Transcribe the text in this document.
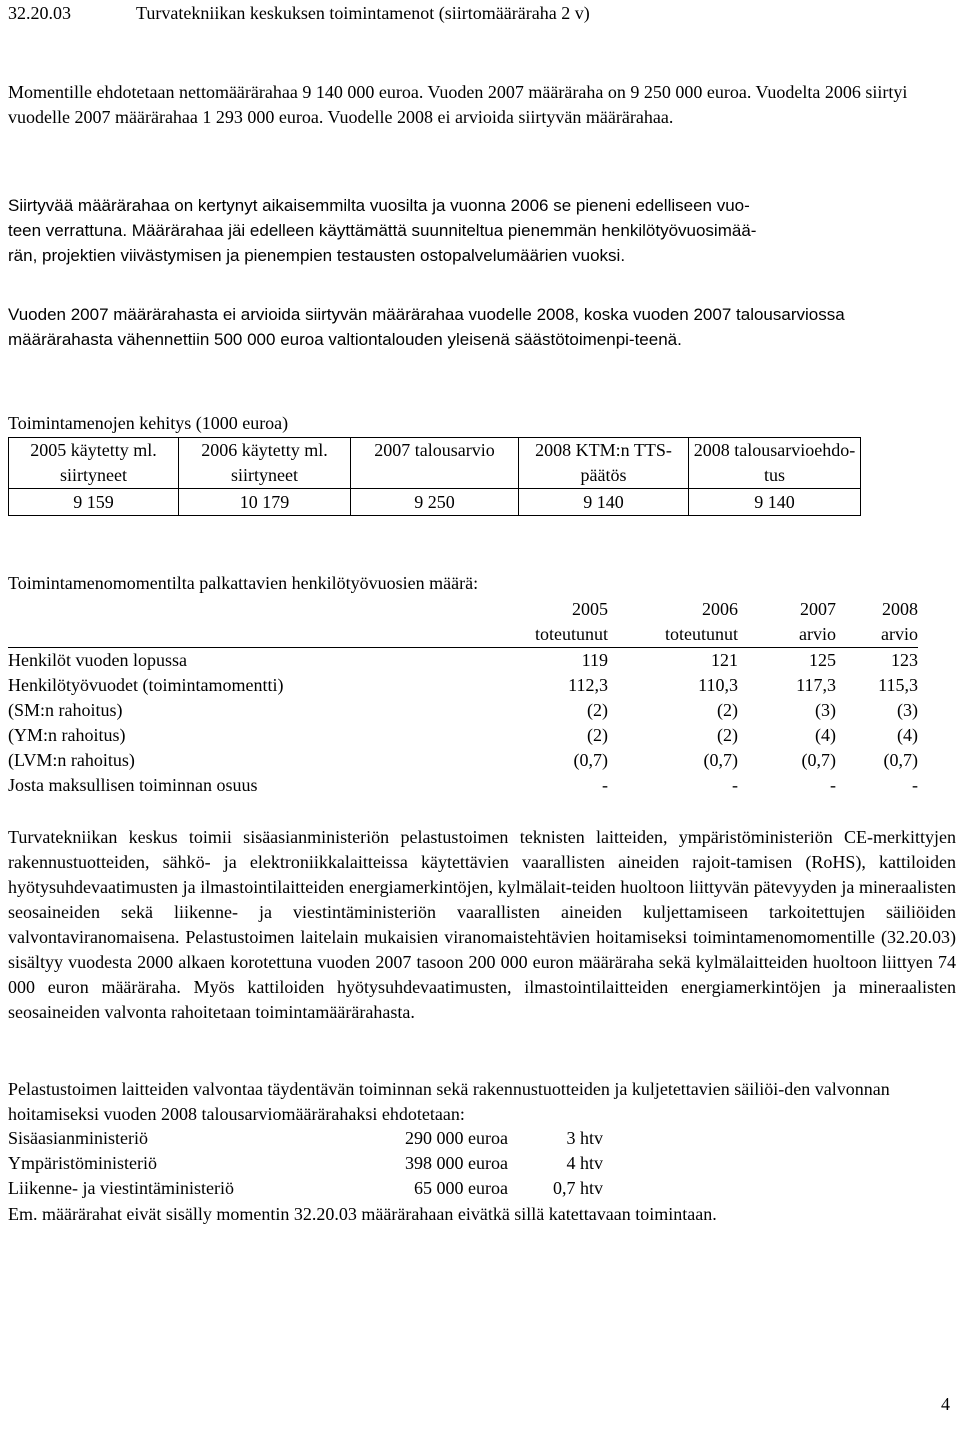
32.20.03	Turvatekniikan keskuksen toimintamenot (siirtomääräraha 2 v)

Momentille ehdotetaan nettomäärärahaa 9 140 000 euroa. Vuoden 2007 määräraha on 9 250 000 euroa. Vuodelta 2006 siirtyi vuodelle 2007 määrärahaa 1 293 000 euroa. Vuodelle 2008 ei arvioida siirtyvän määrärahaa.

Siirtyvää määrärahaa on kertynyt aikaisemmilta vuosilta ja vuonna 2006 se pieneni edelliseen vuo-
teen verrattuna. Määrärahaa jäi edelleen käyttämättä suunniteltua pienemmän henkilötyövuosimää-
rän, projektien viivästymisen ja pienempien testausten ostopalvelumäärien vuoksi.

Vuoden 2007 määrärahasta ei arvioida siirtyvän määrärahaa vuodelle 2008, koska vuoden 2007 talousarviossa määrärahasta vähennettiin 500 000 euroa valtiontalouden yleisenä säästötoimenpi-teenä.

Toimintamenojen kehitys (1000 euroa)
2005 käytetty ml. siirtyneet	2006 käytetty ml. siirtyneet	2007 talousarvio	2008 KTM:n TTS-päätös	2008 talousarvioehdo-tus
9 159	10 179	9 250	9 140	9 140
Toimintamenomomentilta palkattavien henkilötyövuosien määrä:
	2005	2006	2007	2008
	toteutunut	toteutunut	arvio	arvio
Henkilöt vuoden lopussa	119	121	125	123
Henkilötyövuodet (toimintamomentti)	112,3	110,3	117,3	115,3
(SM:n rahoitus)	(2)	(2)	(3)	(3)
(YM:n rahoitus)	(2)	(2)	(4)	(4)
(LVM:n rahoitus)	(0,7)	(0,7)	(0,7)	(0,7)
Josta maksullisen toiminnan osuus	-	-	-	-

Turvatekniikan keskus toimii sisäasianministeriön pelastustoimen teknisten laitteiden, ympäristöministeriön CE-merkittyjen rakennustuotteiden, sähkö- ja elektroniikkalaitteissa käytettävien vaarallisten aineiden rajoit-tamisen (RoHS), kattiloiden hyötysuhdevaatimusten ja ilmastointilaitteiden energiamerkintöjen, kylmälait-teiden huoltoon liittyvän pätevyyden ja mineraalisten seosaineiden sekä liikenne- ja viestintäministeriön vaarallisten aineiden kuljettamiseen tarkoitettujen säiliöiden valvontaviranomaisena. Pelastustoimen laitelain mukaisien viranomaistehtävien hoitamiseksi toimintamenomomentille (32.20.03) sisältyy vuodesta 2000 alkaen korotettuna vuoden 2007 tasoon 200 000 euron määräraha sekä kylmälaitteiden huoltoon liittyen 74 000 euron määräraha. Myös kattiloiden hyötysuhdevaatimusten, ilmastointilaitteiden energiamerkintöjen ja mineraalisten seosaineiden valvonta rahoitetaan toimintamäärärahasta.

Pelastustoimen laitteiden valvontaa täydentävän toiminnan sekä rakennustuotteiden ja kuljetettavien säiliöi-den valvonnan hoitamiseksi vuoden 2008 talousarviomäärärahaksi ehdotetaan:

Sisäasianministeriö	290 000 euroa	3 htv
Ympäristöministeriö	398 000 euroa	4 htv
Liikenne- ja viestintäministeriö	65 000 euroa	0,7 htv
Em. määrärahat eivät sisälly momentin 32.20.03 määrärahaan eivätkä sillä katettavaan toimintaan.
4
